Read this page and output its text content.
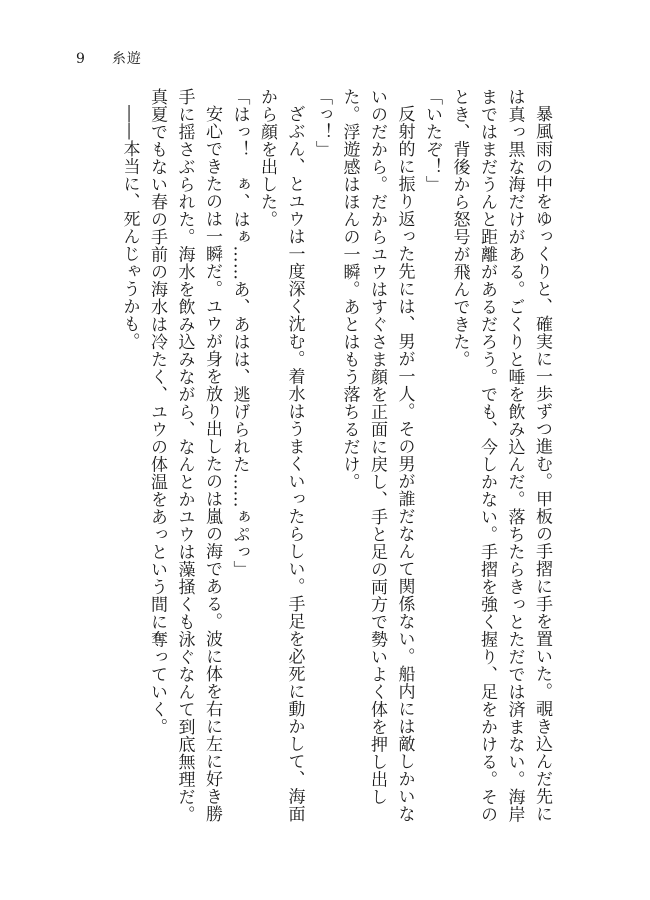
9 糸遊

暴風雨の中をゆっくりと、確実に一歩ずつ進む。甲板の手摺に手を置いた。覗き込んだ先には真っ黒な海だけがある。ごくりと唾を飲み込んだ。落ちたらきっとただでは済まない。海岸まではまだうんと距離があるだろう。でも、今しかない。手摺を強く握り、足をかける。そのとき、背後から怒号が飛んできた。

「いたぞ！」

反射的に振り返った先には、男が一人。その男が誰だなんて関係ない。船内には敵しかいないのだから。だからユウはすぐさま顔を正面に戻し、手と足の両方で勢いよく体を押し出した。浮遊感はほんの一瞬。あとはもう落ちるだけ。

「っ！」

ざぶん、とユウは一度深く沈む。着水はうまくいったらしい。手足を必死に動かして、海面から顔を出した。

「はっ！　ぁ、はぁ……あ、あはは、逃げられた……ぁぷっ」

安心できたのは一瞬だ。ユウが身を放り出したのは嵐の海である。波に体を右に左に好き勝手に揺さぶられた。海水を飲み込みながら、なんとかユウは藻掻くも泳ぐなんて到底無理だ。真夏でもない春の手前の海水は冷たく、ユウの体温をあっという間に奪っていく。

――本当に、死んじゃうかも。
